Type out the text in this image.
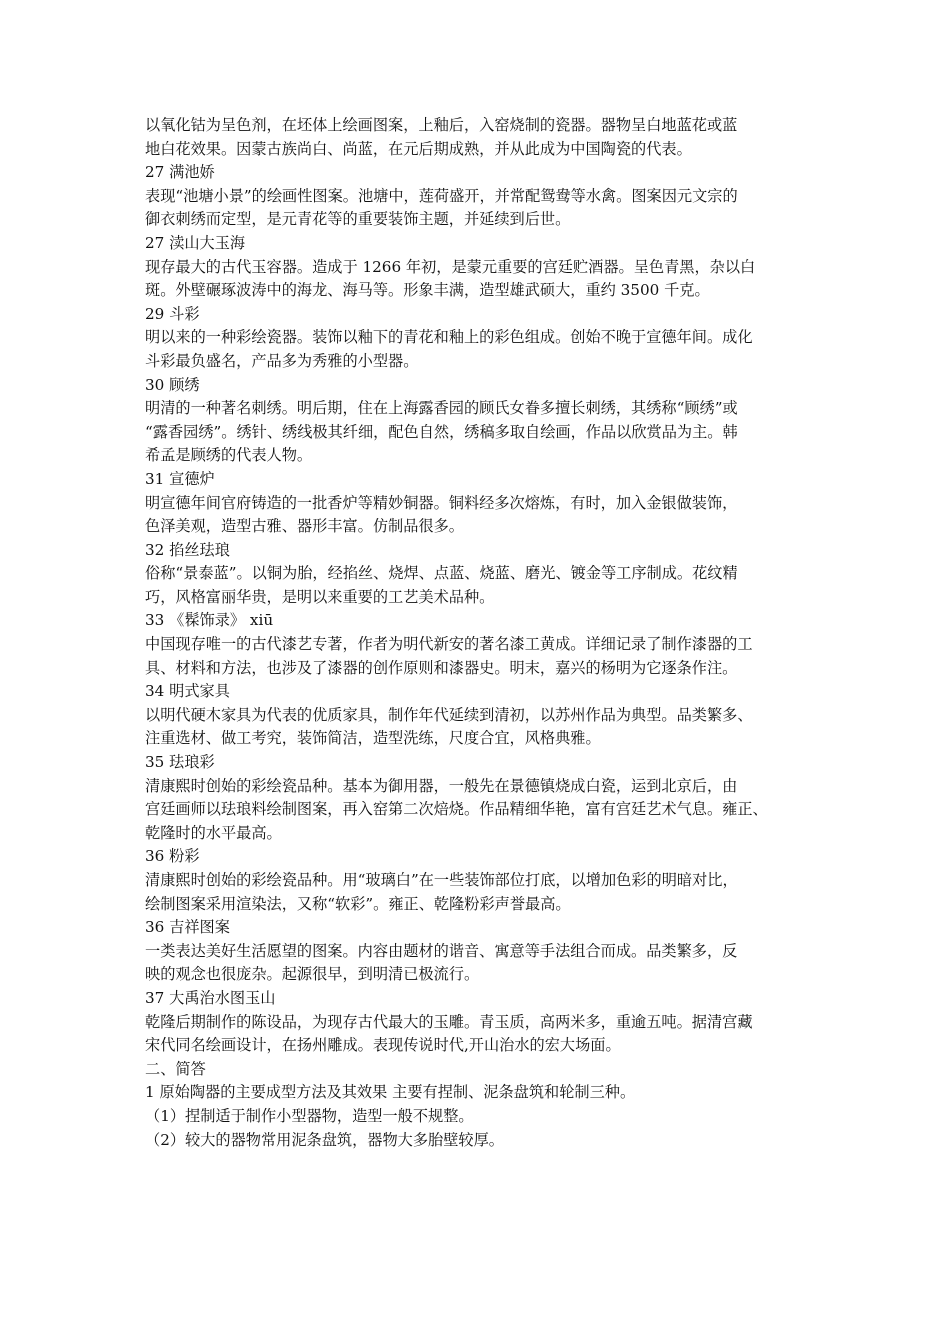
以氧化钴为呈色剂，在坯体上绘画图案，上釉后，入窑烧制的瓷器。器物呈白地蓝花或蓝
地白花效果。因蒙古族尚白、尚蓝，在元后期成熟，并从此成为中国陶瓷的代表。
27 满池娇
表现“池塘小景”的绘画性图案。池塘中，莲荷盛开，并常配鸳鸯等水禽。图案因元文宗的
御衣刺绣而定型，是元青花等的重要装饰主题，并延续到后世。
27 渎山大玉海
现存最大的古代玉容器。造成于 1266 年初，是蒙元重要的宫廷贮酒器。呈色青黑，杂以白
斑。外壁碾琢波涛中的海龙、海马等。形象丰满，造型雄武硕大，重约 3500 千克。
29 斗彩
明以来的一种彩绘瓷器。装饰以釉下的青花和釉上的彩色组成。创始不晚于宣德年间。成化
斗彩最负盛名，产品多为秀雅的小型器。
30 顾绣
明清的一种著名刺绣。明后期，住在上海露香园的顾氏女眷多擅长刺绣，其绣称“顾绣”或
“露香园绣”。绣针、绣线极其纤细，配色自然，绣稿多取自绘画，作品以欣赏品为主。韩
希孟是顾绣的代表人物。
31 宣德炉
明宣德年间官府铸造的一批香炉等精妙铜器。铜料经多次熔炼，有时，加入金银做装饰，
色泽美观，造型古雅、器形丰富。仿制品很多。
32 掐丝珐琅
俗称“景泰蓝”。以铜为胎，经掐丝、烧焊、点蓝、烧蓝、磨光、镀金等工序制成。花纹精
巧，风格富丽华贵，是明以来重要的工艺美术品种。
33 《髹饰录》 xiū
中国现存唯一的古代漆艺专著，作者为明代新安的著名漆工黄成。详细记录了制作漆器的工
具、材料和方法，也涉及了漆器的创作原则和漆器史。明末，嘉兴的杨明为它逐条作注。
34 明式家具
以明代硬木家具为代表的优质家具，制作年代延续到清初，以苏州作品为典型。品类繁多、
注重选材、做工考究，装饰简洁，造型洗练，尺度合宜，风格典雅。
35 珐琅彩
清康熙时创始的彩绘瓷品种。基本为御用器，一般先在景德镇烧成白瓷，运到北京后，由
宫廷画师以珐琅料绘制图案，再入窑第二次焙烧。作品精细华艳，富有宫廷艺术气息。雍正、
乾隆时的水平最高。
36 粉彩
清康熙时创始的彩绘瓷品种。用“玻璃白”在一些装饰部位打底，以增加色彩的明暗对比，
绘制图案采用渲染法，又称“软彩”。雍正、乾隆粉彩声誉最高。
36 吉祥图案
一类表达美好生活愿望的图案。内容由题材的谐音、寓意等手法组合而成。品类繁多，反
映的观念也很庞杂。起源很早，到明清已极流行。
37 大禹治水图玉山
乾隆后期制作的陈设品，为现存古代最大的玉雕。青玉质，高两米多，重逾五吨。据清宫藏
宋代同名绘画设计，在扬州雕成。表现传说时代,开山治水的宏大场面。
二、简答
1 原始陶器的主要成型方法及其效果 主要有捏制、泥条盘筑和轮制三种。
（1）捏制适于制作小型器物，造型一般不规整。
（2）较大的器物常用泥条盘筑，器物大多胎壁较厚。
